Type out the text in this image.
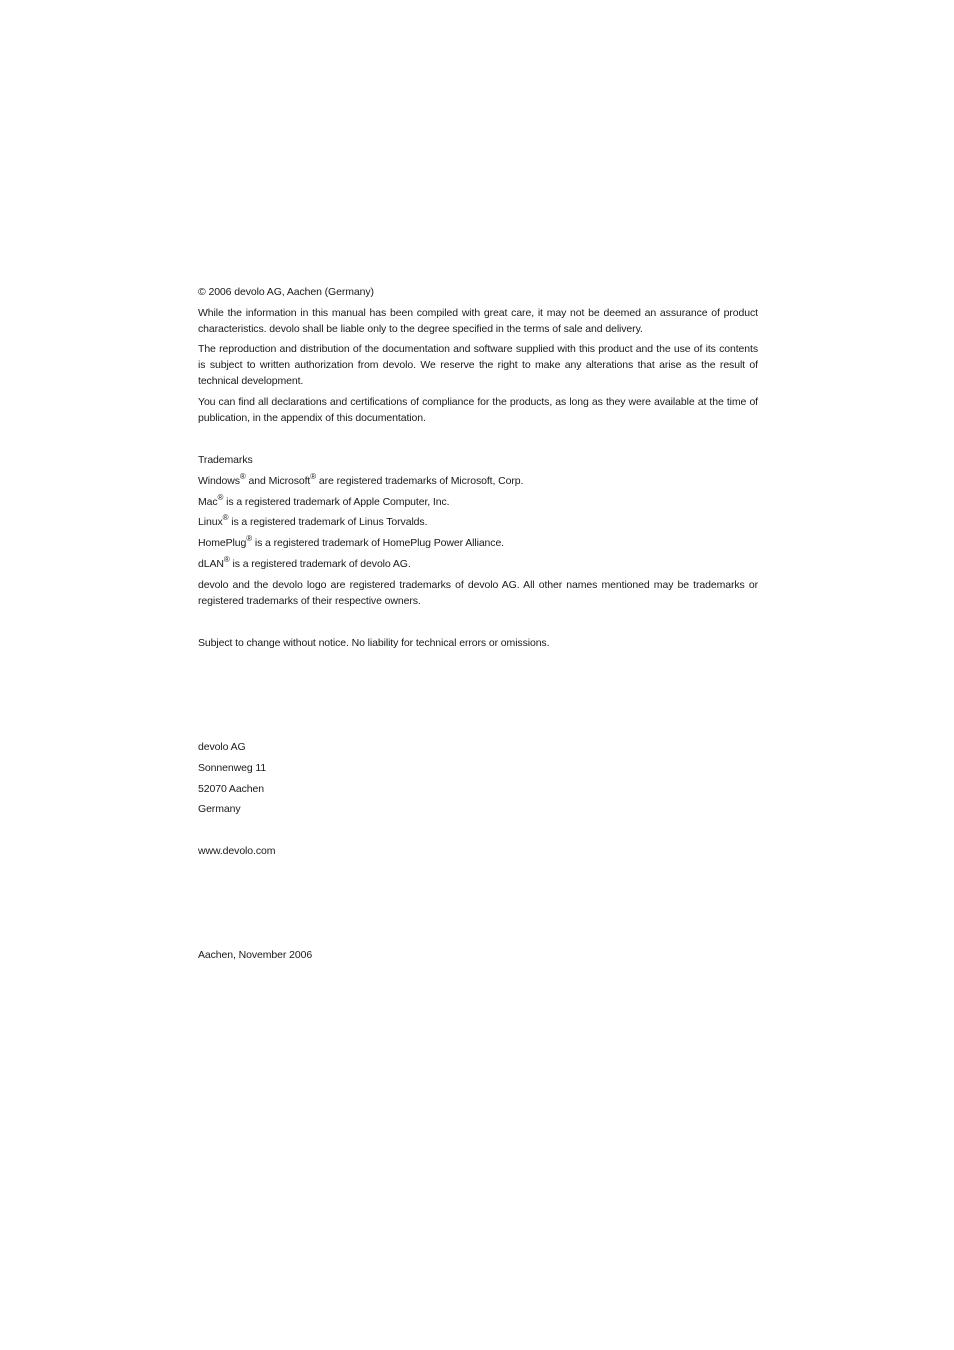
© 2006 devolo AG, Aachen (Germany)
While the information in this manual has been compiled with great care, it may not be deemed an assurance of product characteristics. devolo shall be liable only to the degree specified in the terms of sale and delivery.
The reproduction and distribution of the documentation and software supplied with this product and the use of its contents is subject to written authorization from devolo. We reserve the right to make any alterations that arise as the result of technical development.
You can find all declarations and certifications of compliance for the products, as long as they were available at the time of publication, in the appendix of this documentation.
Trademarks
Windows® and Microsoft® are registered trademarks of Microsoft, Corp.
Mac® is a registered trademark of Apple Computer, Inc.
Linux® is a registered trademark of Linus Torvalds.
HomePlug® is a registered trademark of HomePlug Power Alliance.
dLAN® is a registered trademark of devolo AG.
devolo and the devolo logo are registered trademarks of devolo AG. All other names mentioned may be trademarks or registered trademarks of their respective owners.
Subject to change without notice. No liability for technical errors or omissions.
devolo AG
Sonnenweg 11
52070 Aachen
Germany
www.devolo.com
Aachen, November 2006
